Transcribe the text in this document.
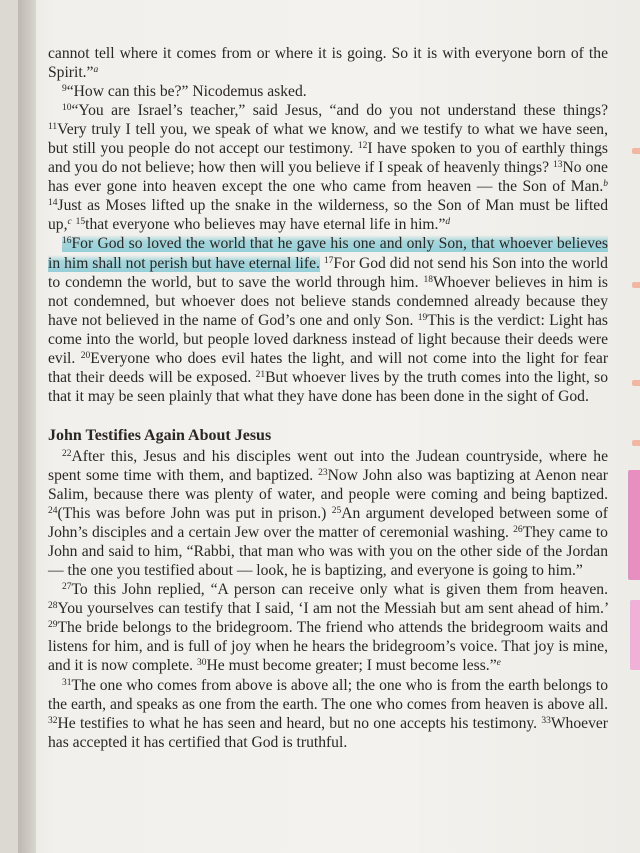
cannot tell where it comes from or where it is going. So it is with everyone born of the Spirit.”$^a$

$^9$“How can this be?” Nicodemus asked.

$^{10}$“You are Israel’s teacher,” said Jesus, “and do you not understand these things? $^{11}$Very truly I tell you, we speak of what we know, and we testify to what we have seen, but still you people do not accept our testimony. $^{12}$I have spoken to you of earthly things and you do not believe; how then will you believe if I speak of heavenly things? $^{13}$No one has ever gone into heaven except the one who came from heaven — the Son of Man.$^b$ $^{14}$Just as Moses lifted up the snake in the wilderness, so the Son of Man must be lifted up,$^c$ $^{15}$that everyone who believes may have eternal life in him.”$^d$

$^{16}$For God so loved the world that he gave his one and only Son, that whoever believes in him shall not perish but have eternal life. $^{17}$For God did not send his Son into the world to condemn the world, but to save the world through him. $^{18}$Whoever believes in him is not condemned, but whoever does not believe stands condemned already because they have not believed in the name of God’s one and only Son. $^{19}$This is the verdict: Light has come into the world, but people loved darkness instead of light because their deeds were evil. $^{20}$Everyone who does evil hates the light, and will not come into the light for fear that their deeds will be exposed. $^{21}$But whoever lives by the truth comes into the light, so that it may be seen plainly that what they have done has been done in the sight of God.

John Testifies Again About Jesus

$^{22}$After this, Jesus and his disciples went out into the Judean countryside, where he spent some time with them, and baptized. $^{23}$Now John also was baptizing at Aenon near Salim, because there was plenty of water, and people were coming and being baptized. $^{24}$(This was before John was put in prison.) $^{25}$An argument developed between some of John’s disciples and a certain Jew over the matter of ceremonial washing. $^{26}$They came to John and said to him, “Rabbi, that man who was with you on the other side of the Jordan — the one you testified about — look, he is baptizing, and everyone is going to him.”

$^{27}$To this John replied, “A person can receive only what is given them from heaven. $^{28}$You yourselves can testify that I said, ‘I am not the Messiah but am sent ahead of him.’ $^{29}$The bride belongs to the bridegroom. The friend who attends the bridegroom waits and listens for him, and is full of joy when he hears the bridegroom’s voice. That joy is mine, and it is now complete. $^{30}$He must become greater; I must become less.”$^e$

$^{31}$The one who comes from above is above all; the one who is from the earth belongs to the earth, and speaks as one from the earth. The one who comes from heaven is above all. $^{32}$He testifies to what he has seen and heard, but no one accepts his testimony. $^{33}$Whoever has accepted it has certified that God is truthful.
